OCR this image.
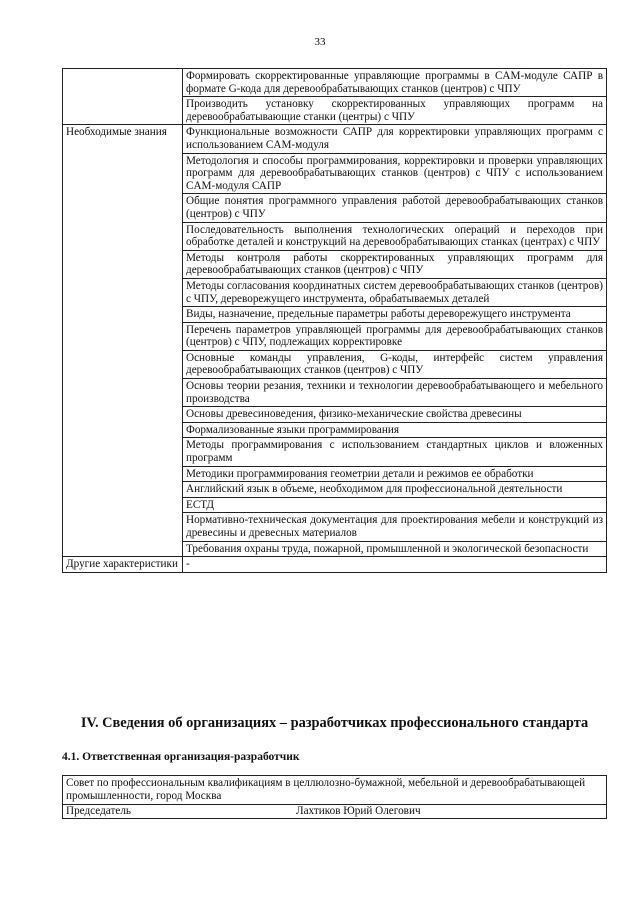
33
	Формировать скорректированные управляющие программы в CAM-модуле САПР в формате G-кода для деревообрабатывающих станков (центров) с ЧПУ
	Производить установку скорректированных управляющих программ на деревообрабатывающие станки (центры) с ЧПУ
Необходимые знания	Функциональные возможности САПР для корректировки управляющих программ с использованием CAM-модуля
	Методология и способы программирования, корректировки и проверки управляющих программ для деревообрабатывающих станков (центров) с ЧПУ с использованием CAM-модуля САПР
	Общие понятия программного управления работой деревообрабатывающих станков (центров) с ЧПУ
	Последовательность выполнения технологических операций и переходов при обработке деталей и конструкций на деревообрабатывающих станках (центрах) с ЧПУ
	Методы контроля работы скорректированных управляющих программ для деревообрабатывающих станков (центров) с ЧПУ
	Методы согласования координатных систем деревообрабатывающих станков (центров) с ЧПУ, дереворежущего инструмента, обрабатываемых деталей
	Виды, назначение, предельные параметры работы дереворежущего инструмента
	Перечень параметров управляющей программы для деревообрабатывающих станков (центров) с ЧПУ, подлежащих корректировке
	Основные команды управления, G-коды, интерфейс систем управления деревообрабатывающих станков (центров) с ЧПУ
	Основы теории резания, техники и технологии деревообрабатывающего и мебельного производства
	Основы древесиноведения, физико-механические свойства древесины
	Формализованные языки программирования
	Методы программирования с использованием стандартных циклов и вложенных программ
	Методики программирования геометрии детали и режимов ее обработки
	Английский язык в объеме, необходимом для профессиональной деятельности
	ЕСТД
	Нормативно-техническая документация для проектирования мебели и конструкций из древесины и древесных материалов
	Требования охраны труда, пожарной, промышленной и экологической безопасности
Другие характеристики	-
IV. Сведения об организациях – разработчиках профессионального стандарта
4.1. Ответственная организация-разработчик
Совет по профессиональным квалификациям в целлюлозно-бумажной, мебельной и деревообрабатывающей промышленности, город Москва
Председатель	Лахтиков Юрий Олегович
